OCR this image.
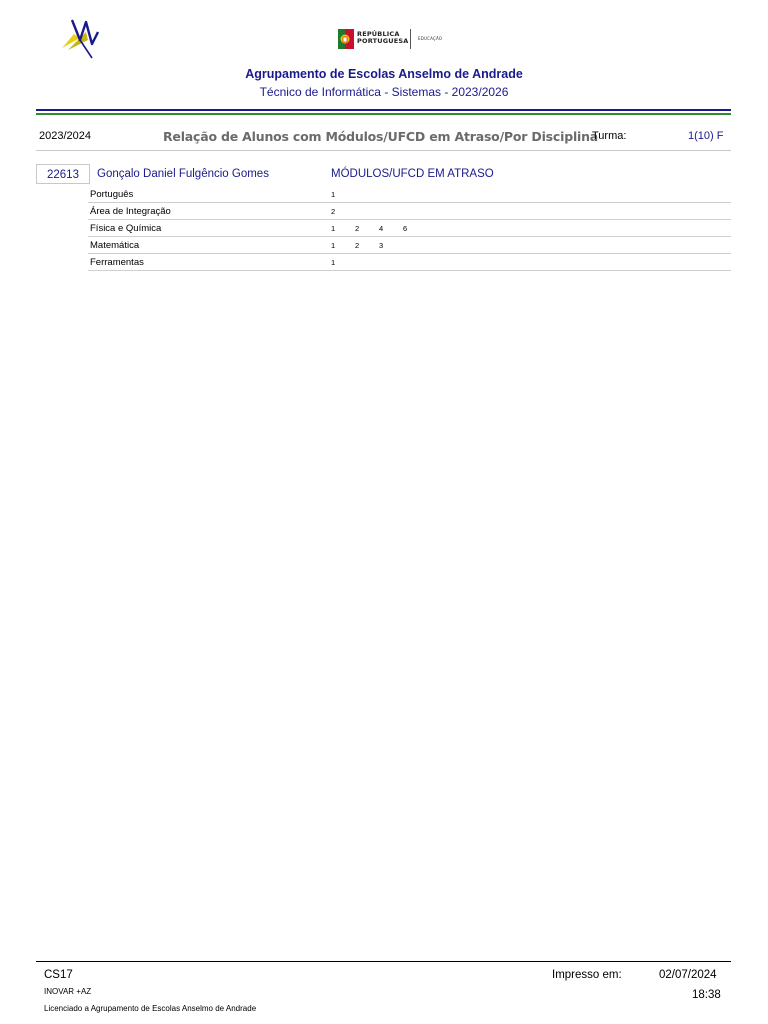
REPÚBLICA
PORTUGUESA EDUCAÇÃO
Agrupamento de Escolas Anselmo de Andrade
Técnico de Informática - Sistemas - 2023/2026
2023/2024	Relação de Alunos com Módulos/UFCD em Atraso/Por Disciplina
Turma:	1(10) F
22613	Gonçalo Daniel Fulgêncio Gomes	MÓDULOS/UFCD EM ATRASO
Português	1
Área de Integração	2
Física e Química	1	2	4	6
Matemática	1	2	3
Ferramentas	1
CS17
INOVAR +AZ
Licenciado a Agrupamento de Escolas Anselmo de Andrade
Impresso em:	02/07/2024
18:38
